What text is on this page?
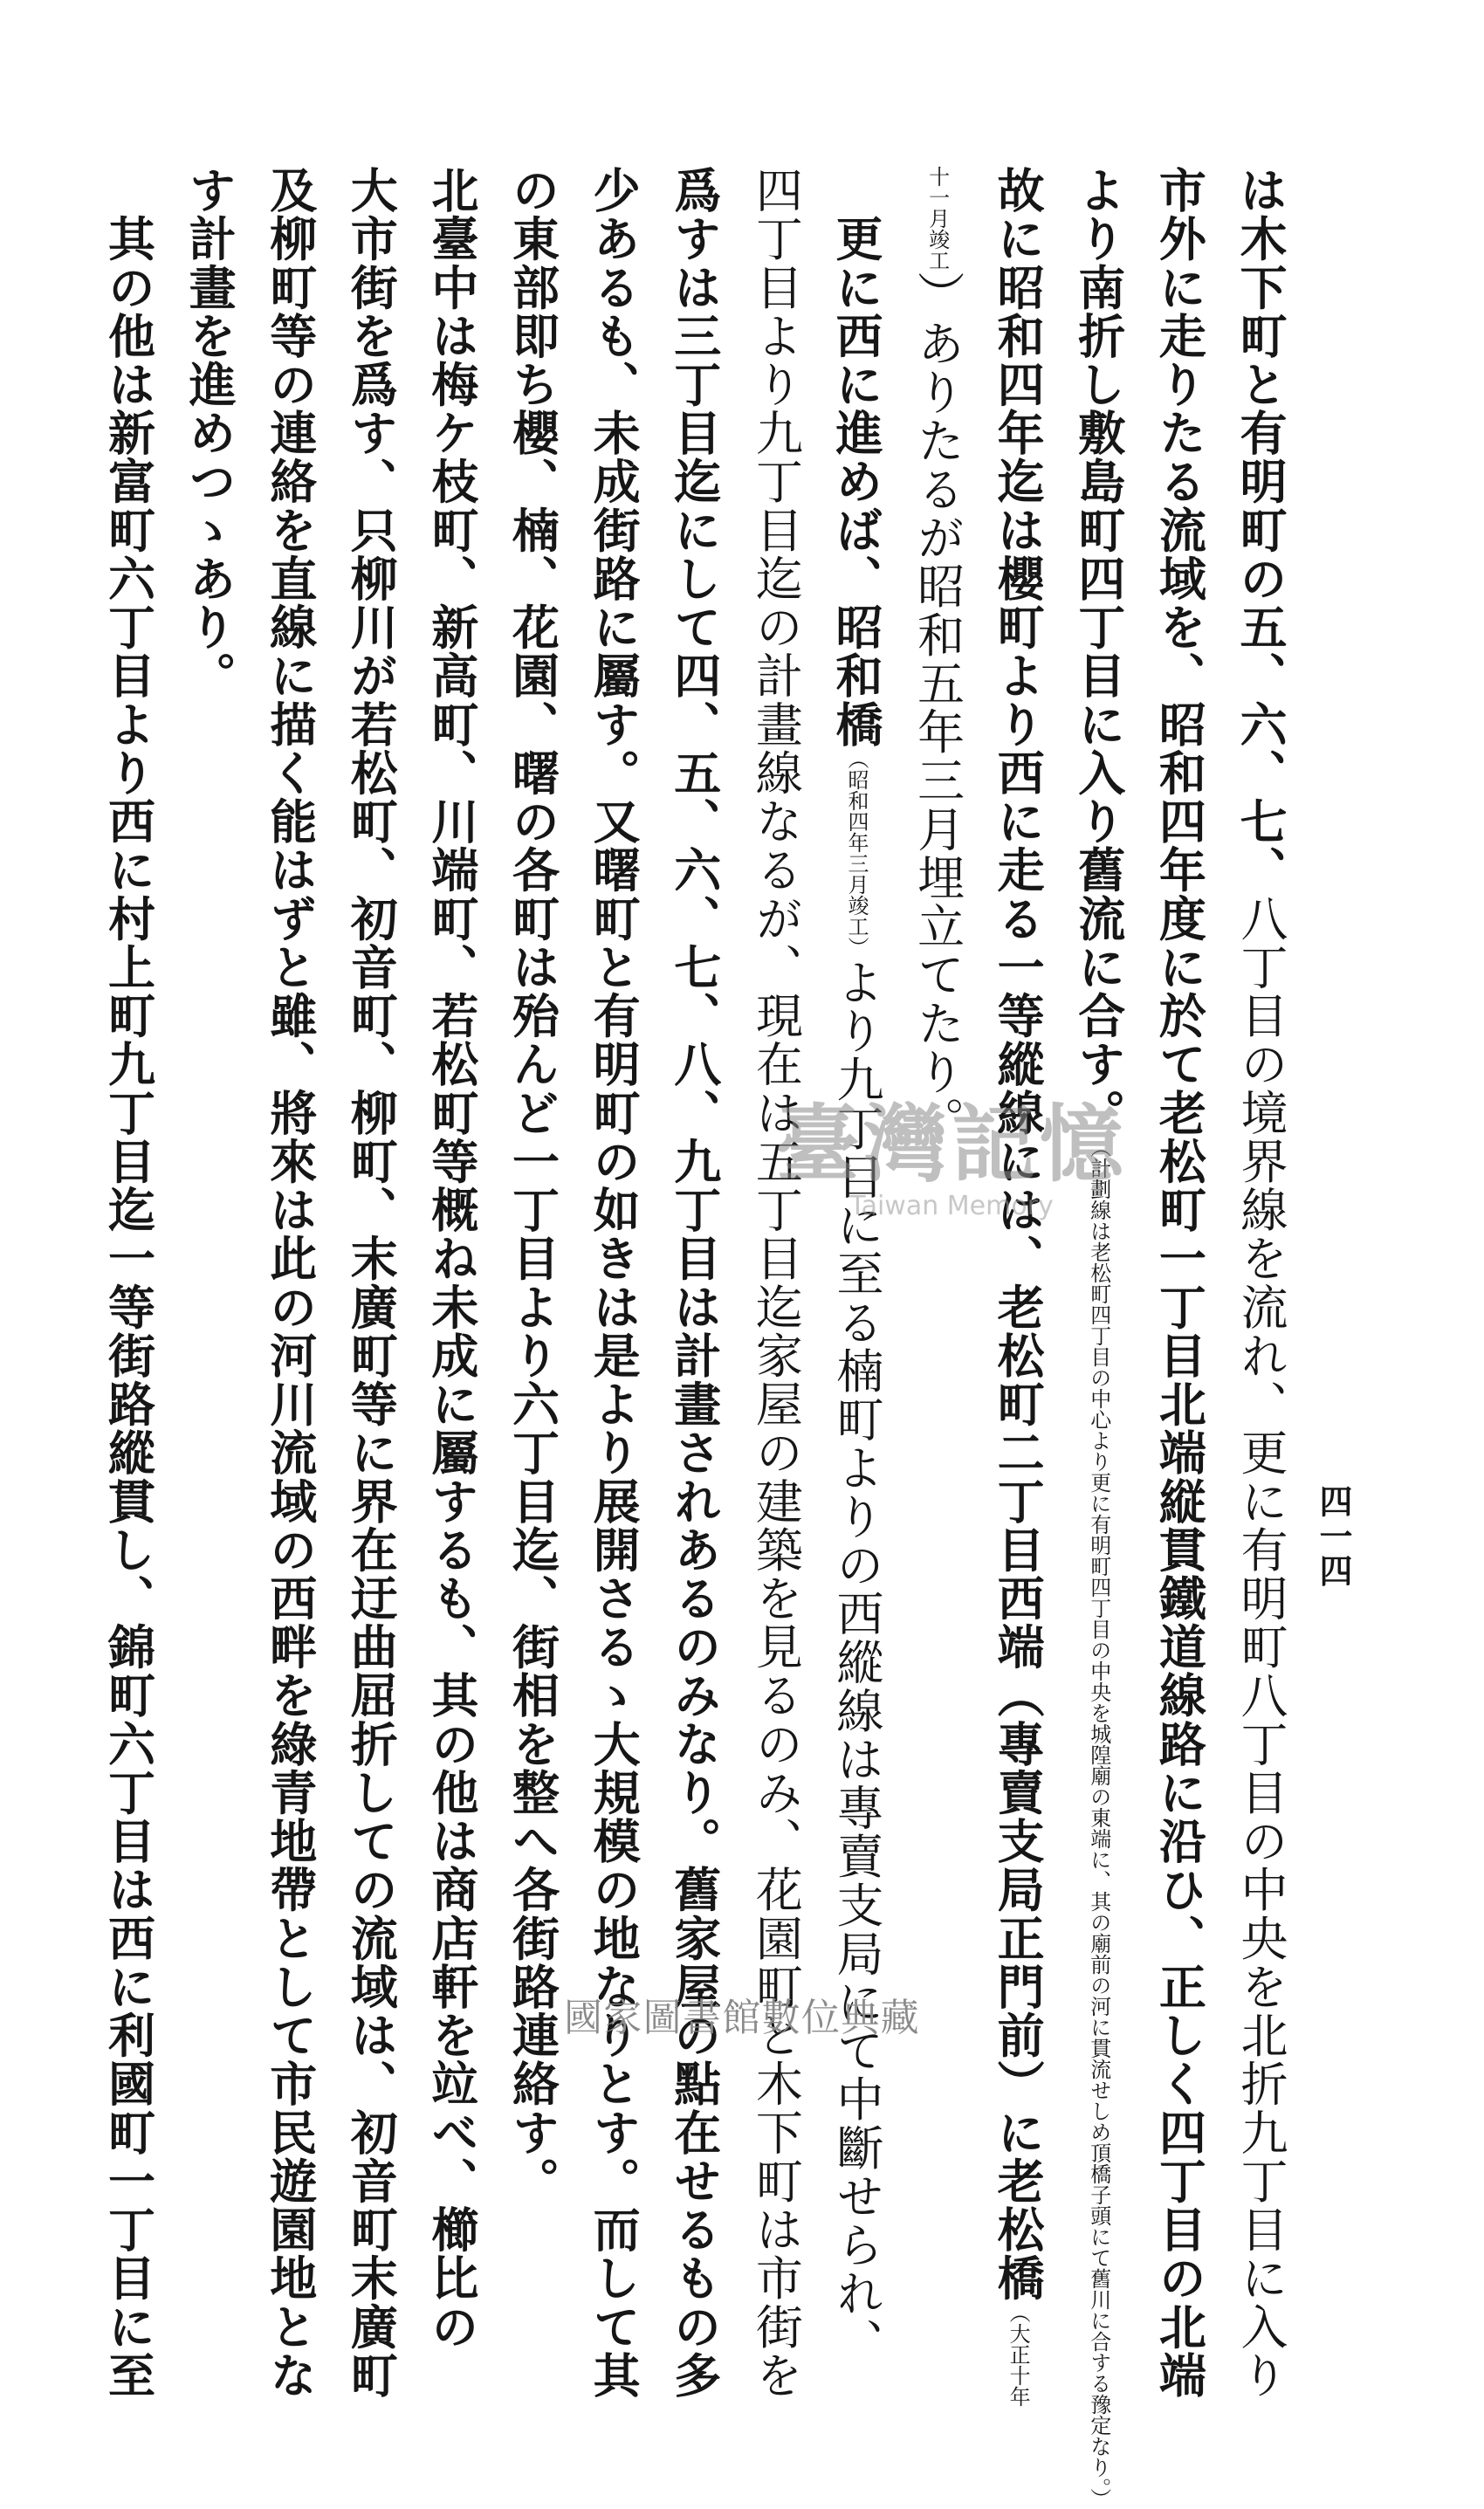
は木下町と有明町の五、六、七、八丁目の境界線を流れ、更に有明町八丁目の中央を北折九丁目に入り
市外に走りたる流域を、昭和四年度に於て老松町一丁目北端縦貫鐵道線路に沿ひ、正しく四丁目の北端
より南折し敷島町四丁目に入り舊流に合す。（計劃線は老松町四丁目の中心より更に有明町四丁目の中央を城隍廟の東端に、其の廟前の河に貫流せしめ頂橋子頭にて舊川に合する豫定なり。）
故に昭和四年迄は櫻町より西に走る一等縱線には、老松町二丁目西端（專賣支局正門前）に老松橋（大正十年
十一月竣工）ありたるが昭和五年三月埋立てたり。
　更に西に進めば、昭和橋（昭和四年三月竣工）より九丁目に至る楠町よりの西縱線は專賣支局にて中斷せられ、
四丁目より九丁目迄の計畫線なるが、現在は五丁目迄家屋の建築を見るのみ、花園町と木下町は市街を
爲すは三丁目迄にして四、五、六、七、八、九丁目は計畫されあるのみなり。舊家屋の點在せるもの多
少あるも、未成街路に屬す。又曙町と有明町の如きは是より展開さるゝ大規模の地なりとす。而して其
の東部即ち櫻、楠、花園、曙の各町は殆んど一丁目より六丁目迄、街相を整へ各街路連絡す。
北臺中は梅ケ枝町、新高町、川端町、若松町等概ね未成に屬するも、其の他は商店軒を竝べ、櫛比の
大市街を爲す、只柳川が若松町、初音町、柳町、末廣町等に界在迂曲屈折しての流域は、初音町末廣町
及柳町等の連絡を直線に描く能はずと雖、將來は此の河川流域の西畔を綠青地帶として市民遊園地とな
す計畫を進めつゝあり。
　其の他は新富町六丁目より西に村上町九丁目迄一等街路縱貫し、錦町六丁目は西に利國町一丁目に至	四一四
臺灣記憶
Taiwan Memory
國家圖書館數位典藏
